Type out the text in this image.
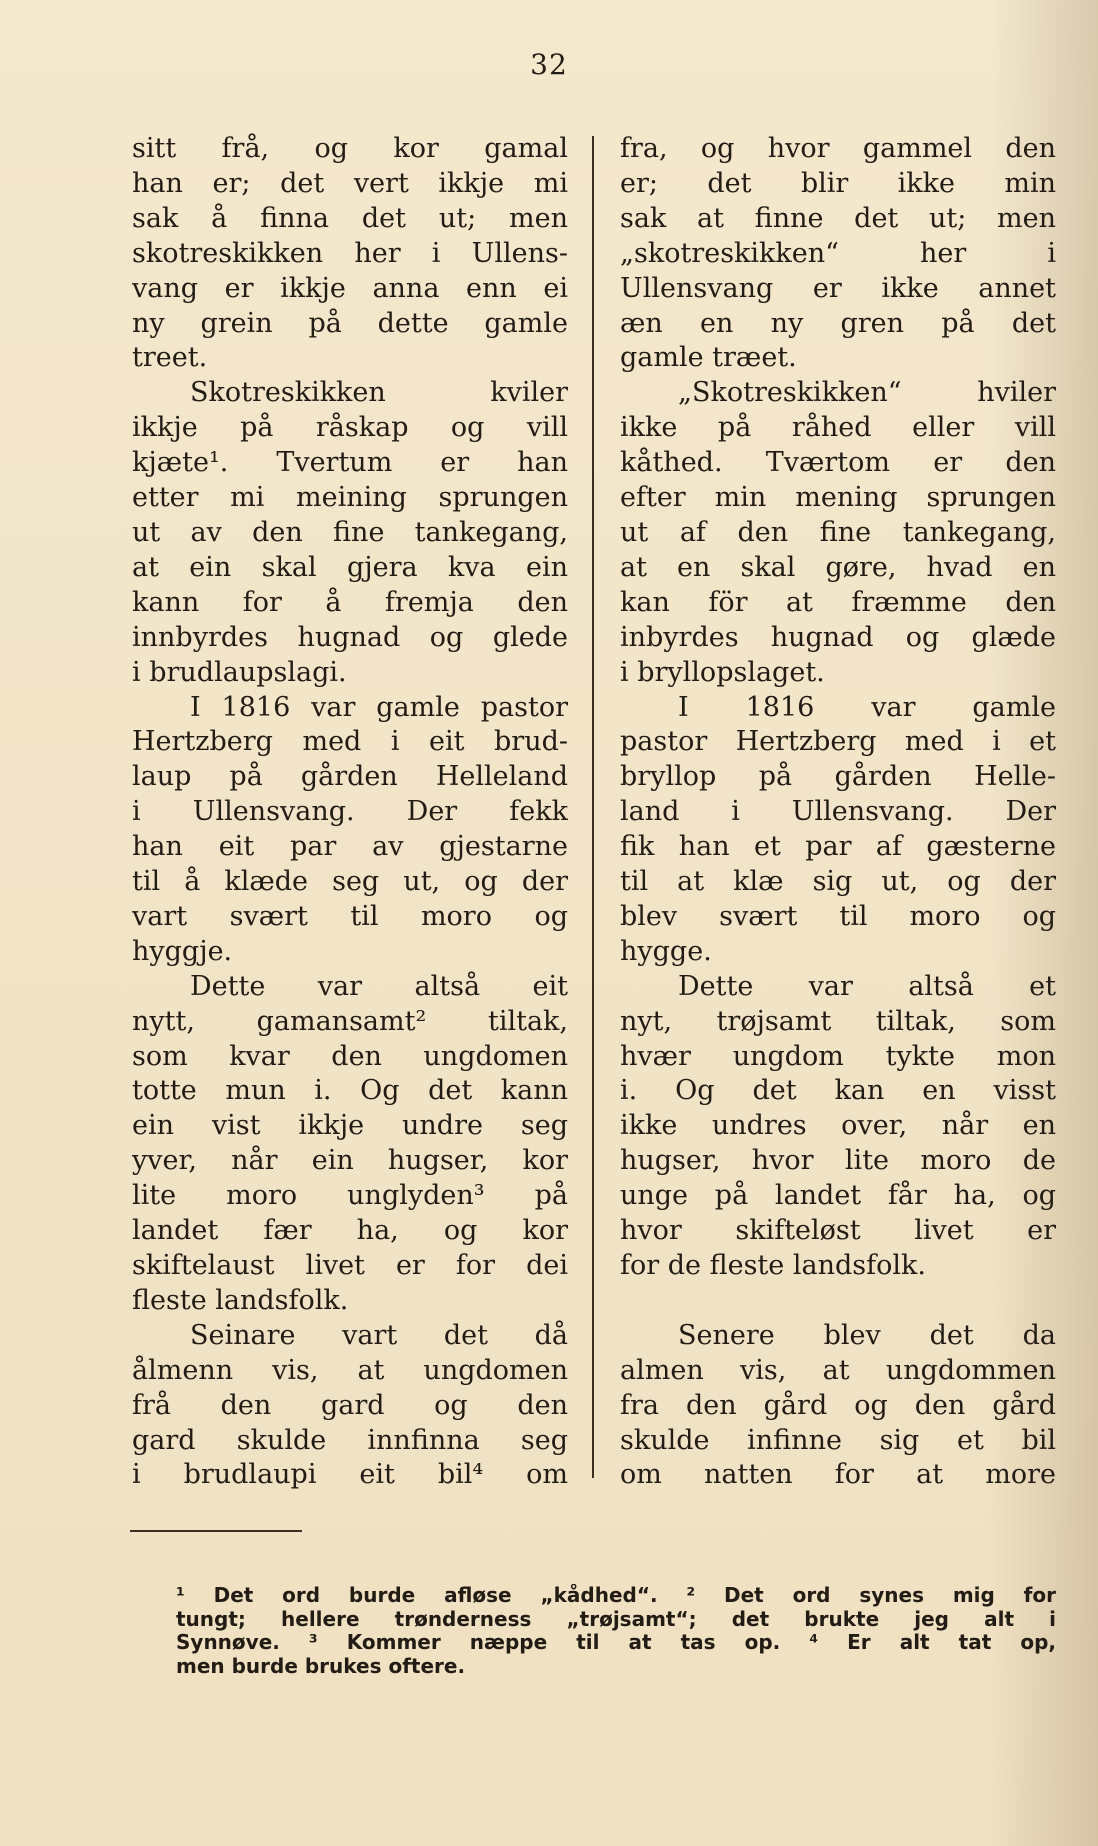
32
sitt frå, og kor gamal
han er; det vert ikkje mi
sak å finna det ut; men
skotreskikken her i Ullens-
vang er ikkje anna enn ei
ny grein på dette gamle
treet.
Skotreskikken kviler
ikkje på råskap og vill
kjæte¹. Tvertum er han
etter mi meining sprungen
ut av den fine tankegang,
at ein skal gjera kva ein
kann for å fremja den
innbyrdes hugnad og glede
i brudlaupslagi.
I 1816 var gamle pastor
Hertzberg med i eit brud-
laup på gården Helleland
i Ullensvang. Der fekk
han eit par av gjestarne
til å klæde seg ut, og der
vart svært til moro og
hyggje.
Dette var altså eit
nytt, gamansamt² tiltak,
som kvar den ungdomen
totte mun i. Og det kann
ein vist ikkje undre seg
yver, når ein hugser, kor
lite moro unglyden³ på
landet fær ha, og kor
skiftelaust livet er for dei
fleste landsfolk.
Seinare vart det då
ålmenn vis, at ungdomen
frå den gard og den
gard skulde innfinna seg
i brudlaupi eit bil⁴ om
fra, og hvor gammel den
er; det blir ikke min
sak at finne det ut; men
„skotreskikken“ her i
Ullensvang er ikke annet
æn en ny gren på det
gamle træet.
„Skotreskikken“ hviler
ikke på råhed eller vill
kåthed. Tværtom er den
efter min mening sprungen
ut af den fine tankegang,
at en skal gøre, hvad en
kan för at fræmme den
inbyrdes hugnad og glæde
i bryllopslaget.
I 1816 var gamle
pastor Hertzberg med i et
bryllop på gården Helle-
land i Ullensvang. Der
fik han et par af gæsterne
til at klæ sig ut, og der
blev svært til moro og
hygge.
Dette var altså et
nyt, trøjsamt tiltak, som
hvær ungdom tykte mon
i. Og det kan en visst
ikke undres over, når en
hugser, hvor lite moro de
unge på landet får ha, og
hvor skifteløst livet er
for de fleste landsfolk.
Senere blev det da
almen vis, at ungdommen
fra den gård og den gård
skulde infinne sig et bil
om natten for at more
¹ Det ord burde afløse „kådhed“. ² Det ord synes mig for
tungt; hellere trønderness „trøjsamt“; det brukte jeg alt i
Synnøve. ³ Kommer næppe til at tas op. ⁴ Er alt tat op,
men burde brukes oftere.
